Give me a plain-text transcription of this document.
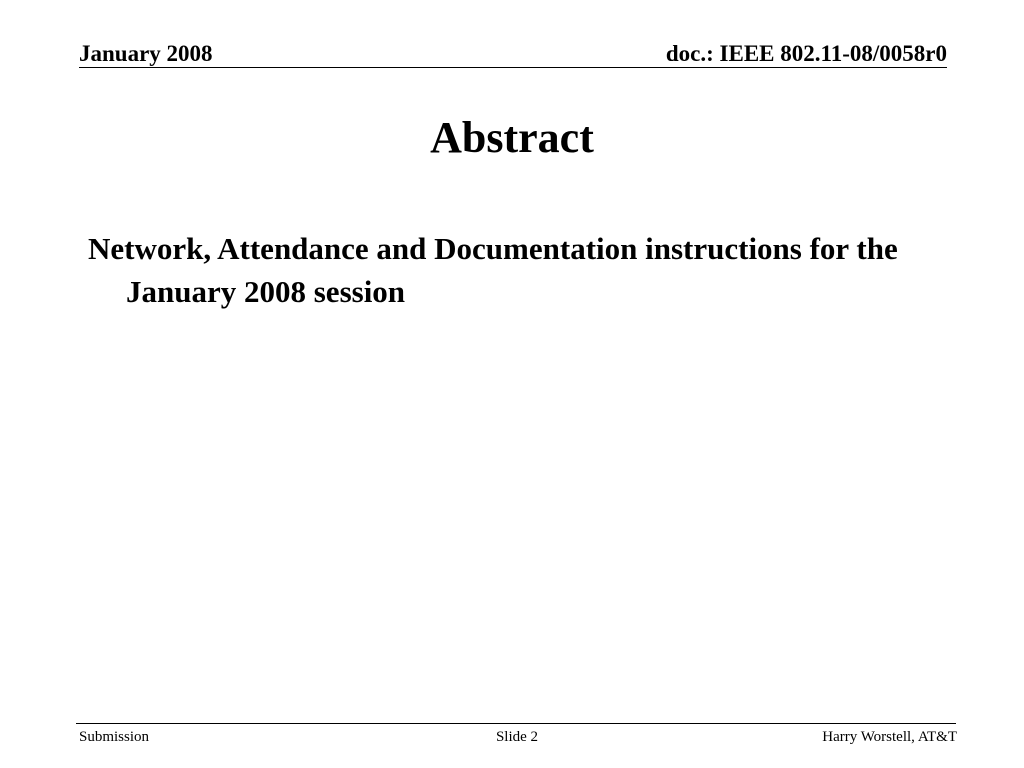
January 2008	doc.: IEEE 802.11-08/0058r0
Abstract
Network, Attendance and Documentation instructions for the January 2008 session
Submission	Slide 2	Harry Worstell, AT&T
